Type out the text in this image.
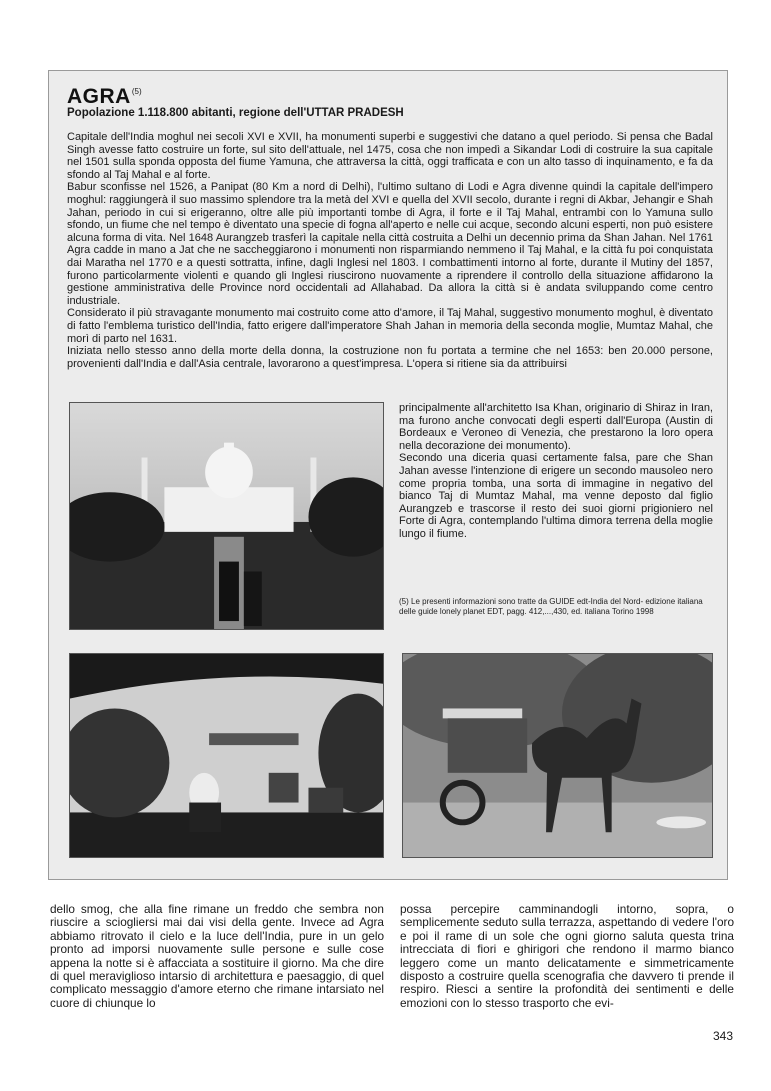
AGRA$^{(5)}$
Popolazione 1.118.800 abitanti, regione dell'UTTAR PRADESH

Capitale dell'India moghul nei secoli XVI e XVII, ha monumenti superbi e suggestivi che datano a quel periodo. Si pensa che Badal Singh avesse fatto costruire un forte, sul sito dell'attuale, nel 1475, cosa che non impedì a Sikandar Lodi di costruire la sua capitale nel 1501 sulla sponda opposta del fiume Yamuna, che attraversa la città, oggi trafficata e con un alto tasso di inquinamento, e fa da sfondo al Taj Mahal e al forte.

Babur sconfisse nel 1526, a Panipat (80 Km a nord di Delhi), l'ultimo sultano di Lodi e Agra divenne quindi la capitale dell'impero moghul: raggiungerà il suo massimo splendore tra la metà del XVI e quella del XVII secolo, durante i regni di Akbar, Jehangir e Shah Jahan, periodo in cui si erigeranno, oltre alle più importanti tombe di Agra, il forte e il Taj Mahal, entrambi con lo Yamuna sullo sfondo, un fiume che nel tempo è diventato una specie di fogna all'aperto e nelle cui acque, secondo alcuni esperti, non può esistere alcuna forma di vita. Nel 1648 Aurangzeb trasferì la capitale nella città costruita a Delhi un decennio prima da Shan Jahan. Nel 1761 Agra cadde in mano a Jat che ne saccheggiarono i monumenti non risparmiando nemmeno il Taj Mahal, e la città fu poi conquistata dai Maratha nel 1770 e a questi sottratta, infine, dagli Inglesi nel 1803. I combattimenti intorno al forte, durante il Mutiny del 1857, furono particolarmente violenti e quando gli Inglesi riuscirono nuovamente a riprendere il controllo della situazione affidarono la gestione amministrativa delle Province nord occidentali ad Allahabad. Da allora la città si è andata sviluppando come centro industriale.

Considerato il più stravagante monumento mai costruito come atto d'amore, il Taj Mahal, suggestivo monumento moghul, è diventato di fatto l'emblema turistico dell'India, fatto erigere dall'imperatore Shah Jahan in memoria della seconda moglie, Mumtaz Mahal, che morì di parto nel 1631.

Iniziata nello stesso anno della morte della donna, la costruzione non fu portata a termine che nel 1653: ben 20.000 persone, provenienti dall'India e dall'Asia centrale, lavorarono a quest'impresa. L'opera si ritiene sia da attribuirsi

principalmente all'architetto Isa Khan, originario di Shiraz in Iran, ma furono anche convocati degli esperti dall'Europa (Austin di Bordeaux e Veroneo di Venezia, che prestarono la loro opera nella decorazione dei monumento).

Secondo una diceria quasi certamente falsa, pare che Shan Jahan avesse l'intenzione di erigere un secondo mausoleo nero come propria tomba, una sorta di immagine in negativo del bianco Taj di Mumtaz Mahal, ma venne deposto dal figlio Aurangzeb e trascorse il resto dei suoi giorni prigioniero nel Forte di Agra, contemplando l'ultima dimora terrena della moglie lungo il fiume.

(5) Le presenti informazioni sono tratte da GUIDE edt-India del Nord- edizione italiana delle guide lonely planet EDT, pagg. 412,...,430, ed. italiana Torino 1998
dello smog, che alla fine rimane un freddo che sembra non riuscire a sciogliersi mai dai visi della gente. Invece ad Agra abbiamo ritrovato il cielo e la luce dell'India, pure in un gelo pronto ad imporsi nuovamente sulle persone e sulle cose appena la notte si è affacciata a sostituire il giorno. Ma che dire di quel meraviglioso intarsio di architettura e paesaggio, di quel complicato messaggio d'amore eterno che rimane intarsiato nel cuore di chiunque lo
possa percepire camminandogli intorno, sopra, o semplicemente seduto sulla terrazza, aspettando di vedere l'oro e poi il rame di un sole che ogni giorno saluta questa trina intrecciata di fiori e ghirigori che rendono il marmo bianco leggero come un manto delicatamente e simmetricamente disposto a costruire quella scenografia che davvero ti prende il respiro. Riesci a sentire la profondità dei sentimenti e delle emozioni con lo stesso trasporto che evi-
343
